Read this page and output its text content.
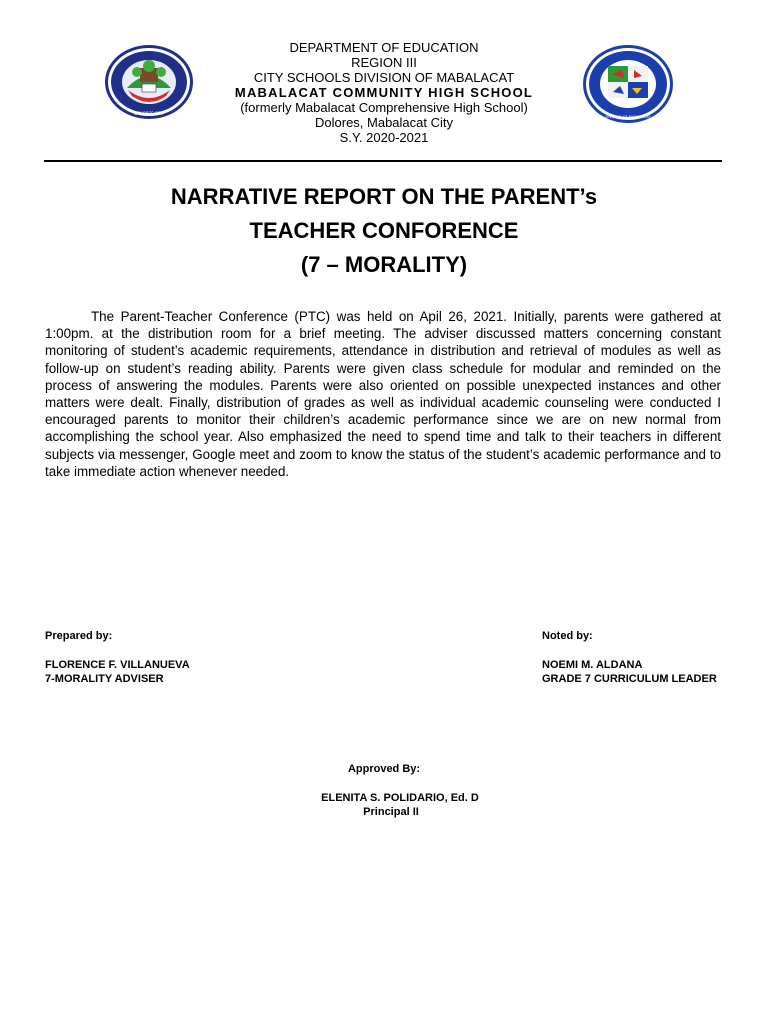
DOLORES CITY
DIVISION OF MABALACAT
DEPARTMENT OF EDUCATION
REGION III
CITY SCHOOLS DIVISION OF MABALACAT
MABALACAT COMMUNITY HIGH SCHOOL
(formerly Mabalacat Comprehensive High School)
Dolores, Mabalacat City
S.Y. 2020-2021
NARRATIVE REPORT ON THE PARENT’s
TEACHER CONFORENCE
(7 – MORALITY)

The Parent-Teacher Conference (PTC) was held on Apil 26, 2021. Initially, parents were gathered at 1:00pm. at the distribution room for a brief meeting. The adviser discussed matters concerning constant monitoring of student’s academic requirements, attendance in distribution and retrieval of modules as well as follow-up on student’s reading ability. Parents were given class schedule for modular and reminded on the process of answering the modules. Parents were also oriented on possible unexpected instances and other matters were dealt. Finally, distribution of grades as well as individual academic counseling were conducted I encouraged parents to monitor their children’s academic performance since we are on new normal from accomplishing the school year. Also emphasized the need to spend time and talk to their teachers in different subjects via messenger, Google meet and zoom to know the status of the student’s academic performance and to take immediate action whenever needed.

Prepared by:
FLORENCE F. VILLANUEVA
7-MORALITY ADVISER
Noted by:
NOEMI M. ALDANA
GRADE 7 CURRICULUM LEADER
Approved By:
ELENITA S. POLIDARIO, Ed. D
Principal II
